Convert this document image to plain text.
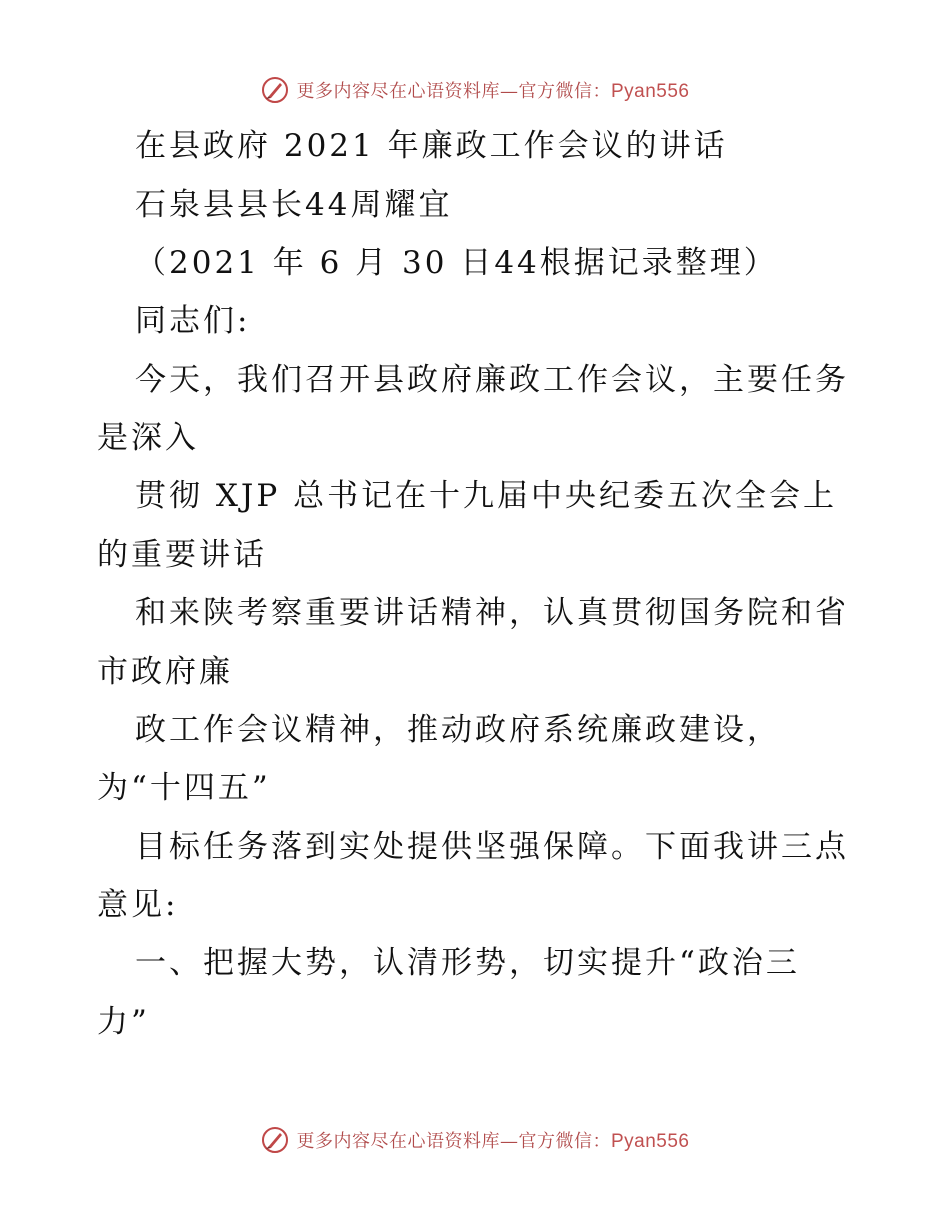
更多内容尽在心语资料库—官方微信：Pyan556
在县政府 2021 年廉政工作会议的讲话
石泉县县长44周耀宜
（2021 年 6 月 30 日44根据记录整理）
同志们:
今天，我们召开县政府廉政工作会议，主要任务
是深入
贯彻 XJP 总书记在十九届中央纪委五次全会上
的重要讲话
和来陕考察重要讲话精神，认真贯彻国务院和省
市政府廉
政工作会议精神，推动政府系统廉政建设，
为“十四五”
目标任务落到实处提供坚强保障。下面我讲三点
意见:
一、把握大势，认清形势，切实提升“政治三
力”
更多内容尽在心语资料库—官方微信：Pyan556
